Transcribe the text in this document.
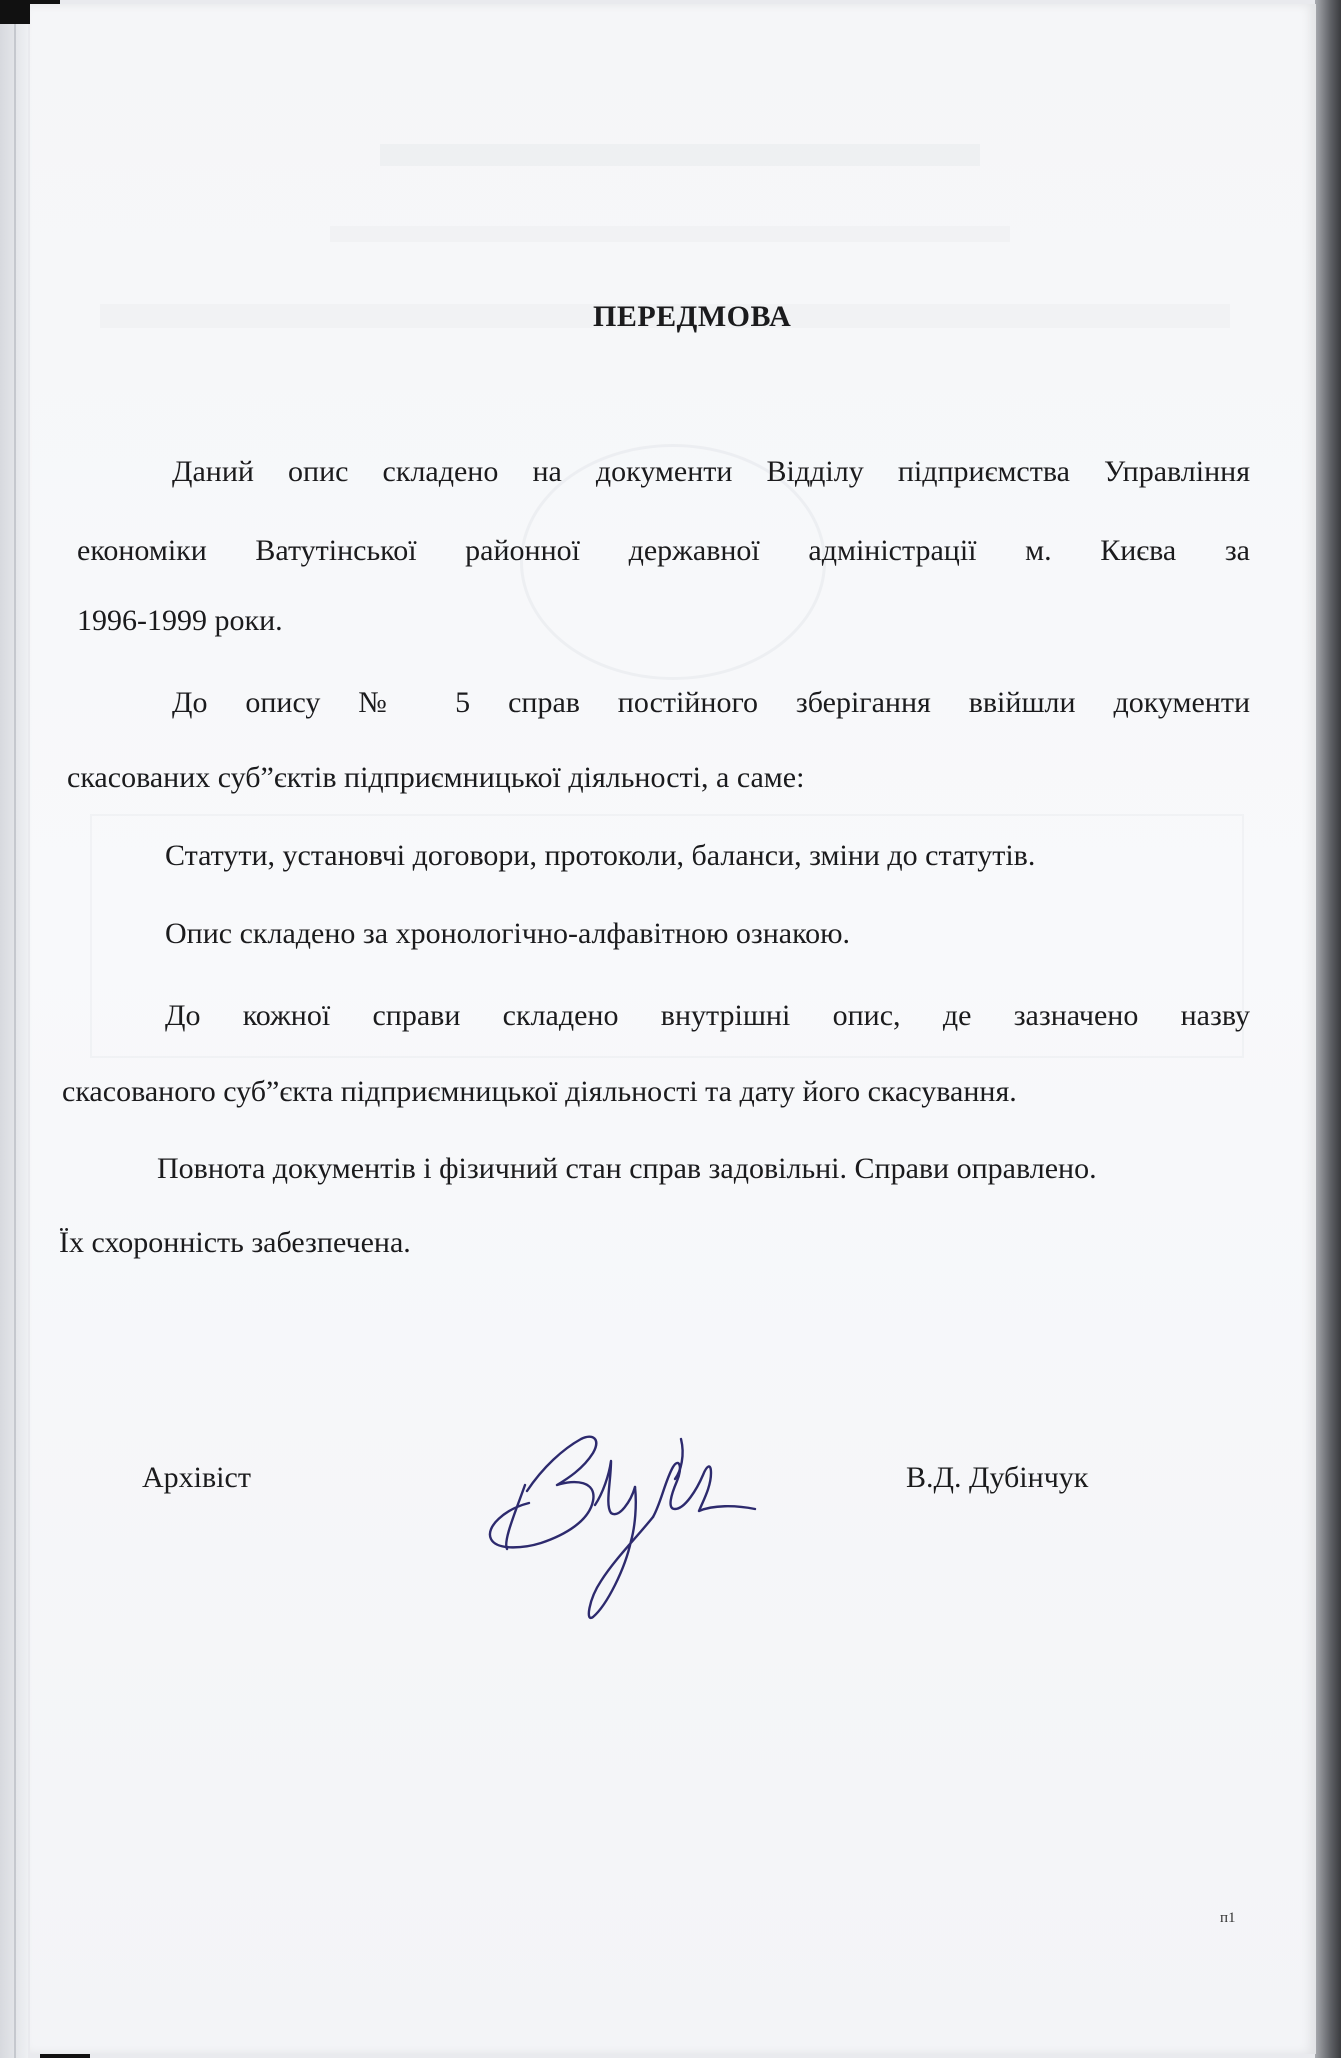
ПЕРЕДМОВА
Даний опис складено на документи Відділу підприємства Управління
економіки Ватутінської районної державної адміністрації м. Києва за
1996-1999 роки.
До опису № 5 справ постійного зберігання ввійшли документи
скасованих суб”єктів підприємницької діяльності, а саме:
Статути, установчі договори, протоколи, баланси, зміни до статутів.
Опис складено за хронологічно-алфавітною ознакою.
До кожної справи складено внутрішні опис, де зазначено назву
скасованого суб”єкта підприємницької діяльності та дату його скасування.
Повнота документів і фізичний стан справ задовільні. Справи оправлено.
Їх схоронність забезпечена.
Архівіст	В.Д. Дубінчук
п1
